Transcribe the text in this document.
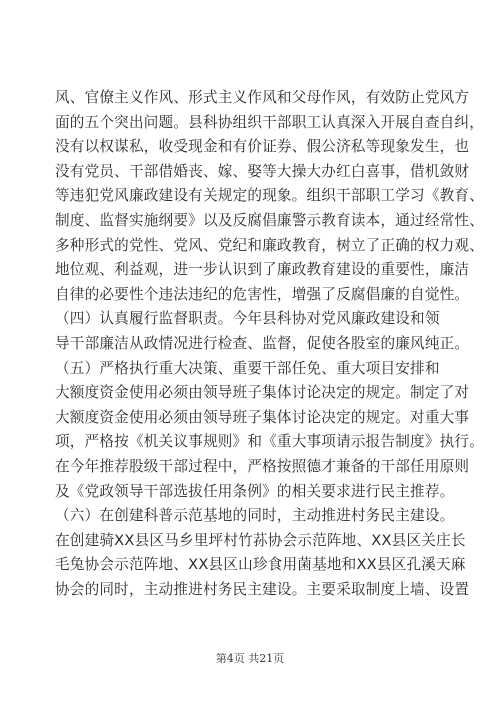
风、官僚主义作风、形式主义作风和父母作风，有效防止党风方
面的五个突出问题。县科协组织干部职工认真深入开展自查自纠，
没有以权谋私，收受现金和有价证券、假公济私等现象发生，也
没有党员、干部借婚丧、嫁、娶等大操大办红白喜事，借机敛财
等违犯党风廉政建设有关规定的现象。组织干部职工学习《教育、
制度、监督实施纲要》以及反腐倡廉警示教育读本，通过经常性、
多种形式的党性、党风、党纪和廉政教育，树立了正确的权力观、
地位观、利益观，进一步认识到了廉政教育建设的重要性，廉洁
自律的必要性个违法违纪的危害性，增强了反腐倡廉的自觉性。
（四）认真履行监督职责。今年县科协对党风廉政建设和领
导干部廉洁从政情况进行检查、监督，促使各股室的廉风纯正。
（五）严格执行重大决策、重要干部任免、重大项目安排和
大额度资金使用必须由领导班子集体讨论决定的规定。制定了对
大额度资金使用必须由领导班子集体讨论决定的规定。对重大事
项，严格按《机关议事规则》和《重大事项请示报告制度》执行。
在今年推荐股级干部过程中，严格按照德才兼备的干部任用原则
及《党政领导干部选拔任用条例》的相关要求进行民主推荐。
（六）在创建科普示范基地的同时，主动推进村务民主建设。
在创建骑XX县区马乡里坪村竹荪协会示范阵地、XX县区关庄长
毛兔协会示范阵地、XX县区山珍食用菌基地和XX县区孔溪天麻
协会的同时，主动推进村务民主建设。主要采取制度上墙、设置
第4页 共21页
